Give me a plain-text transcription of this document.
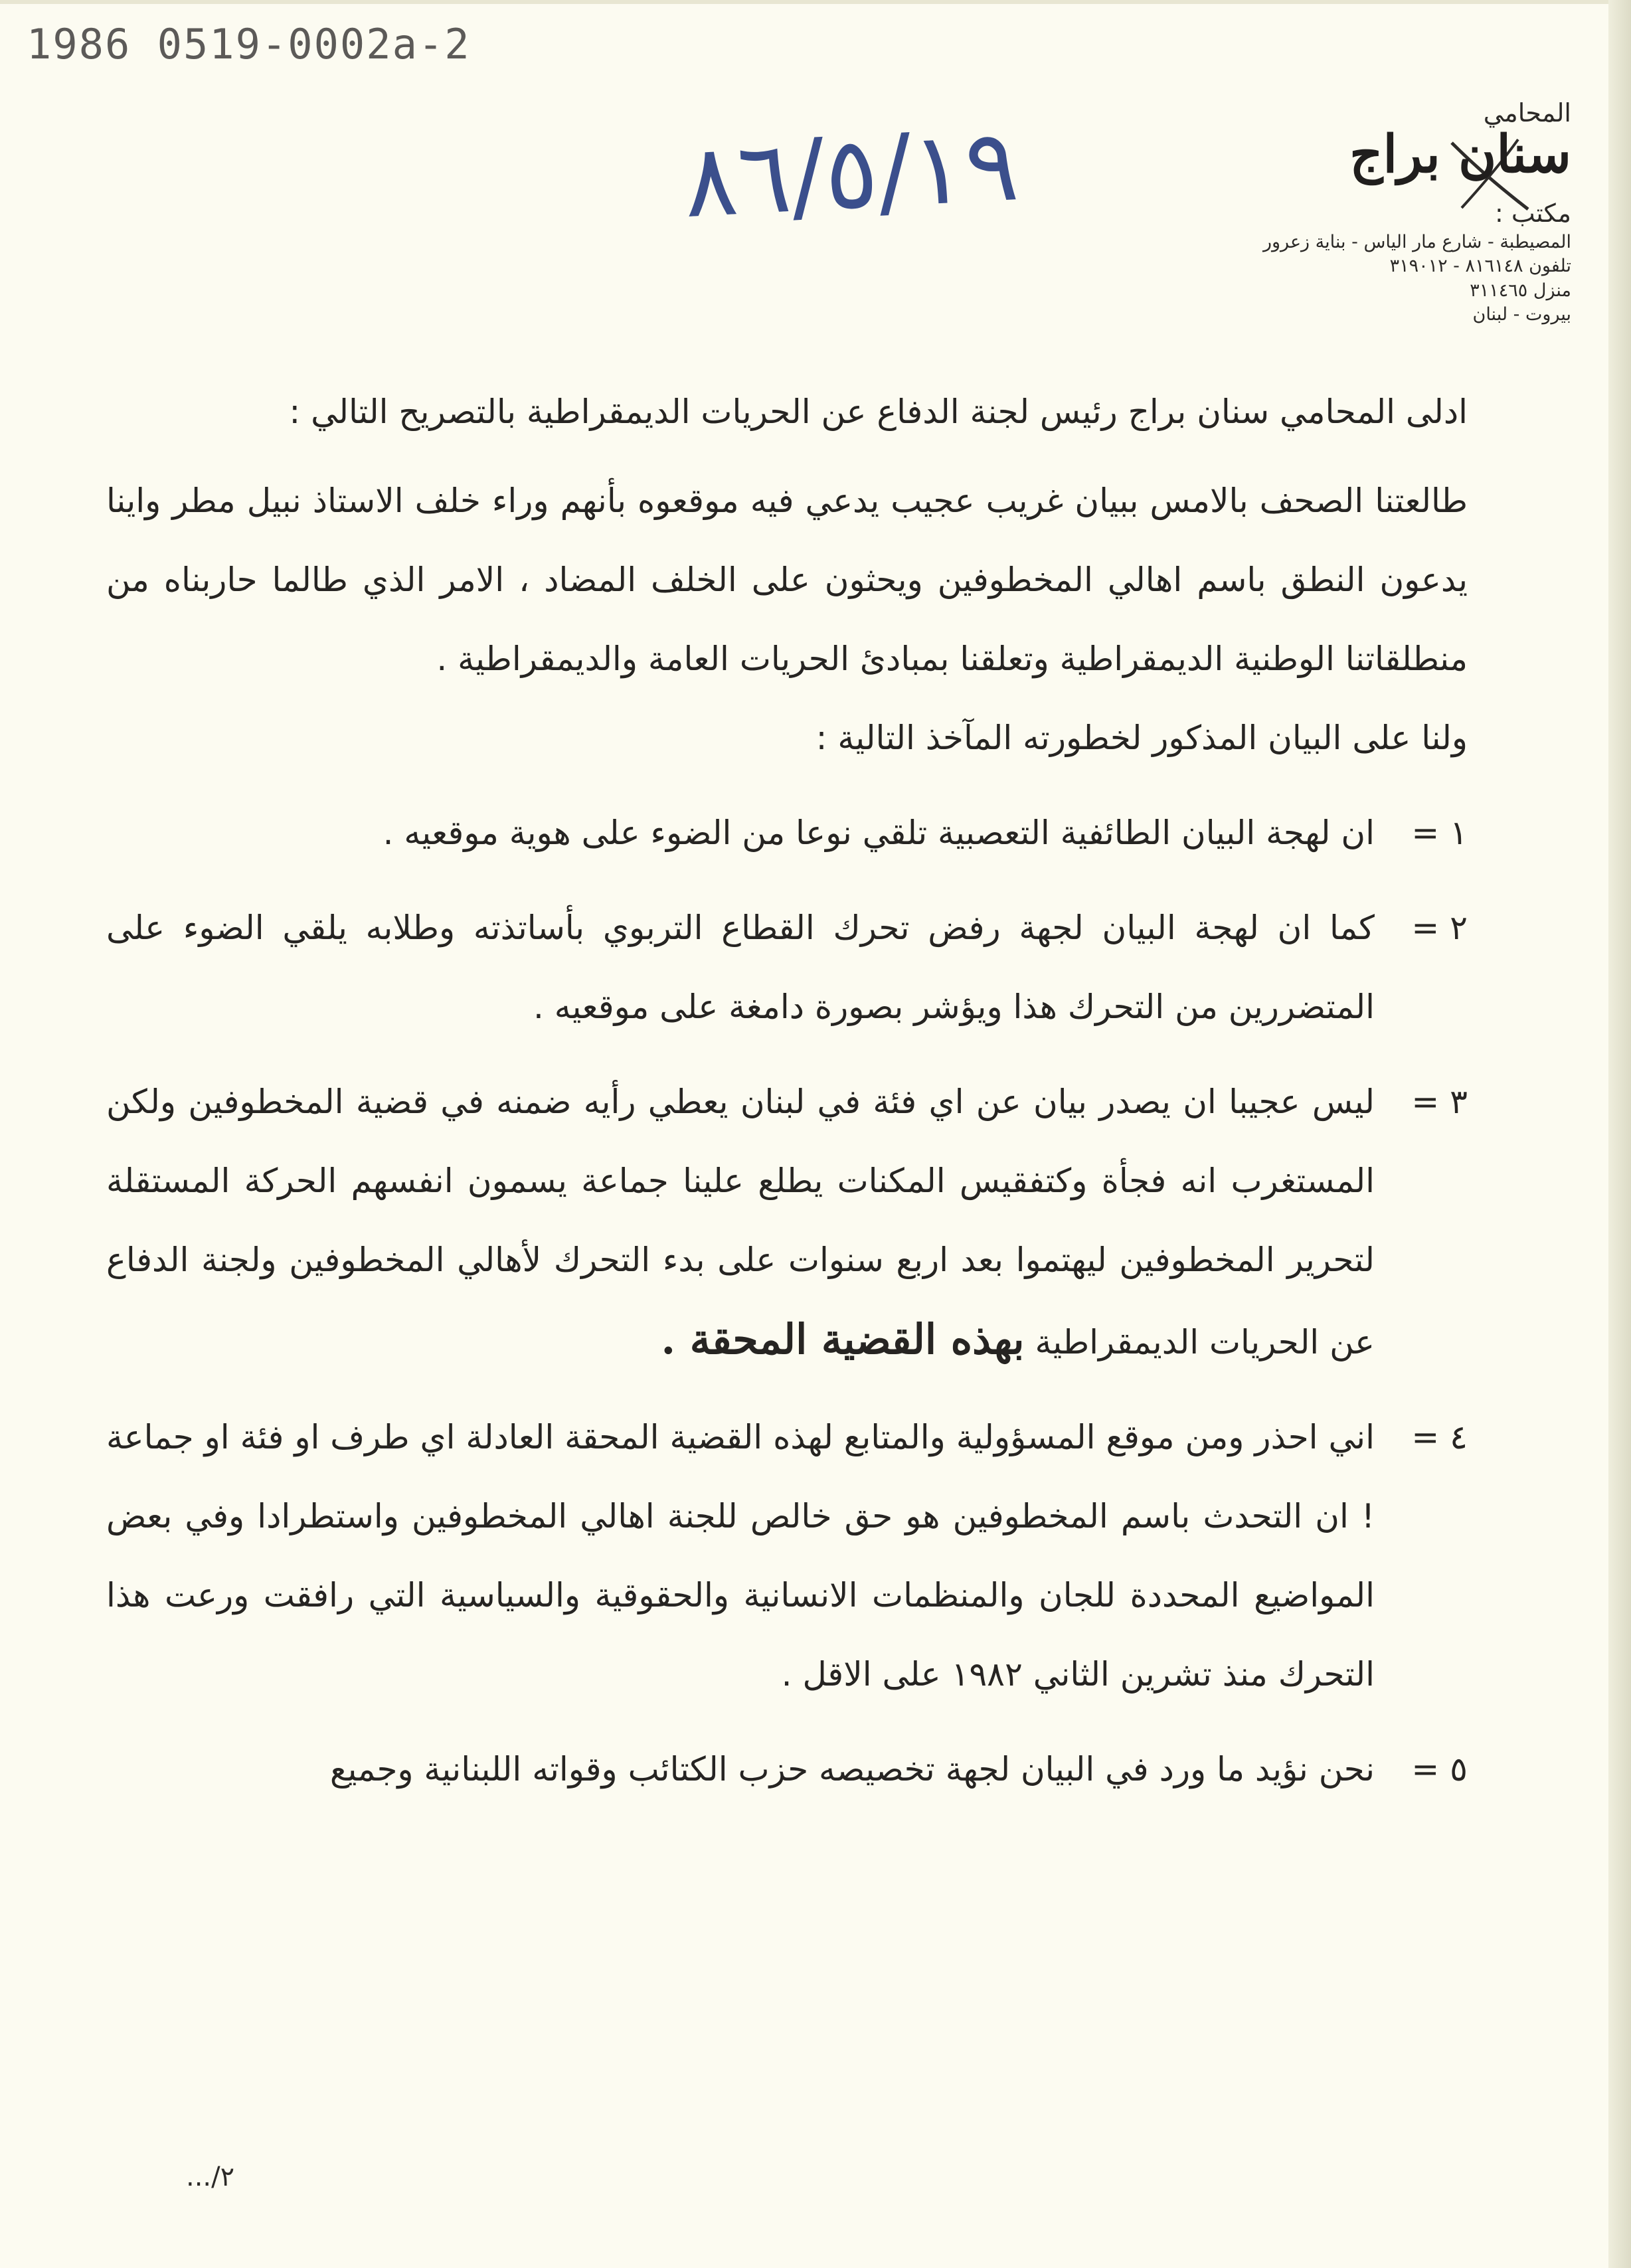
1986 0519-0002a-2
٨٦/٥/١٩	المحامي
سنان براج
مكتب :
المصيطبة - شارع مار الياس - بناية زعرور
تلفون ٨١٦١٤٨ - ٣١٩٠١٢
منزل ٣١١٤٦٥
بيروت - لبنان

ادلى المحامي سنان براج رئيس لجنة الدفاع عن الحريات الديمقراطية بالتصريح التالي :

طالعتنا الصحف بالامس ببيان غريب عجيب يدعي فيه موقعوه بأنهم وراء خلف الاستاذ نبيل مطر واينا يدعون النطق باسم اهالي المخطوفين ويحثون على الخلف المضاد ، الامر الذي طالما حاربناه من منطلقاتنا الوطنية الديمقراطية وتعلقنا بمبادئ الحريات العامة والديمقراطية .

ولنا على البيان المذكور لخطورته المآخذ التالية :

١ =
ان لهجة البيان الطائفية التعصبية تلقي نوعا من الضوء على هوية موقعيه .
٢ =
كما ان لهجة البيان لجهة رفض تحرك القطاع التربوي بأساتذته وطلابه يلقي الضوء على المتضررين من التحرك هذا ويؤشر بصورة دامغة على موقعيه .
٣ =
ليس عجيبا ان يصدر بيان عن اي فئة في لبنان يعطي رأيه ضمنه في قضية المخطوفين ولكن المستغرب انه فجأة وكتفقيس المكنات يطلع علينا جماعة يسمون انفسهم الحركة المستقلة لتحرير المخطوفين ليهتموا بعد اربع سنوات على بدء التحرك لأهالي المخطوفين ولجنة الدفاع عن الحريات الديمقراطية بهذه القضية المحقة .
٤ =
اني احذر ومن موقع المسؤولية والمتابع لهذه القضية المحقة العادلة اي طرف او فئة او جماعة ! ان التحدث باسم المخطوفين هو حق خالص للجنة اهالي المخطوفين واستطرادا وفي بعض المواضيع المحددة للجان والمنظمات الانسانية والحقوقية والسياسية التي رافقت ورعت هذا التحرك منذ تشرين الثاني ١٩٨٢ على الاقل .
٥ =
نحن نؤيد ما ورد في البيان لجهة تخصيصه حزب الكتائب وقواته اللبنانية وجميع
٢/...
